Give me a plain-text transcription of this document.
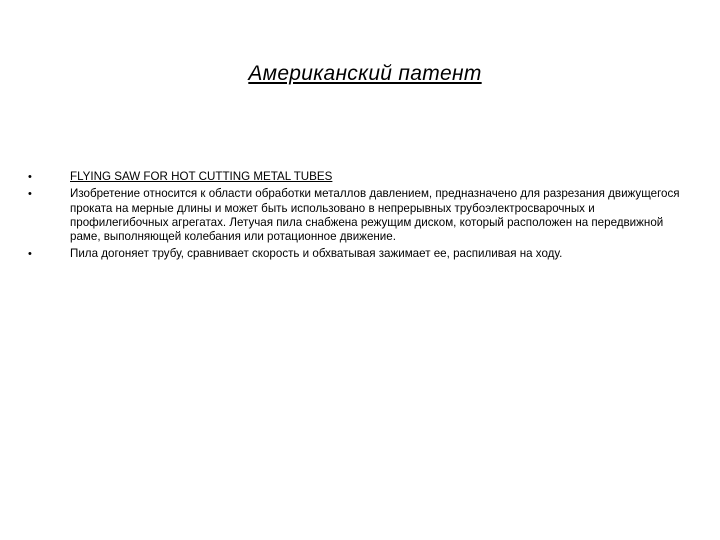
Американский патент
•	FLYING SAW FOR HOT CUTTING METAL TUBES
•	Изобретение относится к области обработки металлов давлением, предназначено для разрезания движущегося проката на мерные длины и может быть использовано в непрерывных трубоэлектросварочных и профилегибочных агрегатах. Летучая пила снабжена режущим диском, который расположен на передвижной раме, выполняющей колебания или ротационное движение.
•	Пила догоняет трубу, сравнивает скорость и обхватывая зажимает ее, распиливая на ходу.
